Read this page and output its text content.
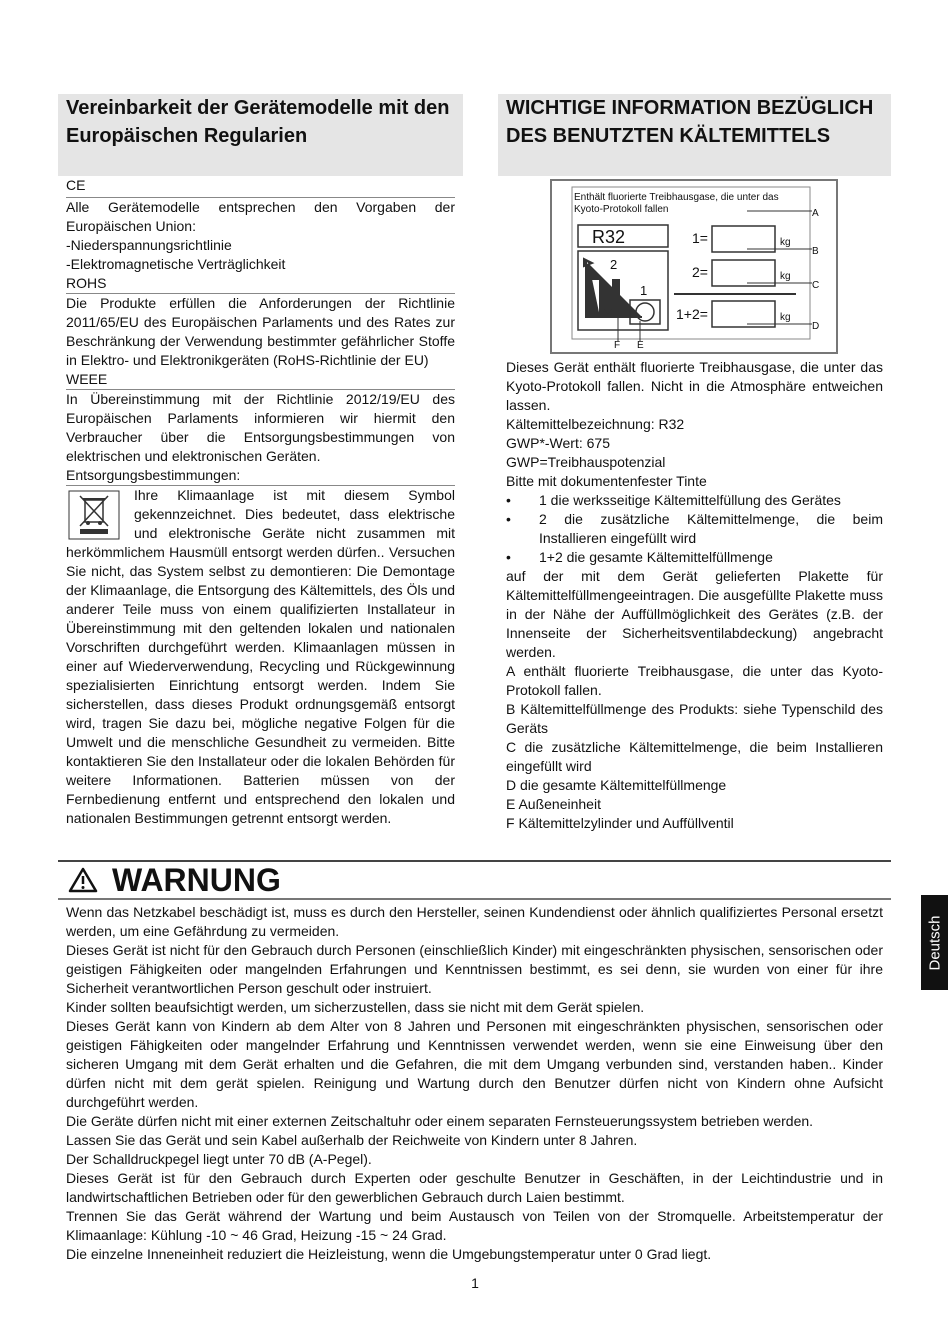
Vereinbarkeit der Gerätemodelle mit den Europäischen Regularien
CE

Alle Gerätemodelle entsprechen den Vorgaben der Europäischen Union:

-Niederspannungsrichtlinie

-Elektromagnetische Verträglichkeit

ROHS

Die Produkte erfüllen die Anforderungen der Richtlinie 2011/65/EU des Europäischen Parlaments und des Rates zur Beschränkung der Verwendung bestimmter gefährlicher Stoffe in Elektro- und Elektronikgeräten (RoHS-Richtlinie der EU)

WEEE

In Übereinstimmung mit der Richtlinie 2012/19/EU des Europäischen Parlaments informieren wir hiermit den Verbraucher über die Entsorgungsbestimmungen von elektrischen und elektronischen Geräten.

Entsorgungsbestimmungen:

Ihre Klimaanlage ist mit diesem Symbol gekennzeichnet. Dies bedeutet, dass elektrische und elektronische Geräte nicht zusammen mit herkömmlichem Hausmüll entsorgt werden dürfen.. Versuchen Sie nicht, das System selbst zu demontieren: Die Demontage der Klimaanlage, die Entsorgung des Kältemittels, des Öls und anderer Teile muss von einem qualifizierten Installateur in Übereinstimmung mit den geltenden lokalen und nationalen Vorschriften durchgeführt werden. Klimaanlagen müssen in einer auf Wiederverwendung, Recycling und Rückgewinnung spezialisierten Einrichtung entsorgt werden. Indem Sie sicherstellen, dass dieses Produkt ordnungsgemäß entsorgt wird, tragen Sie dazu bei, mögliche negative Folgen für die Umwelt und die menschliche Gesundheit zu vermeiden. Bitte kontaktieren Sie den Installateur oder die lokalen Behörden für weitere Informationen. Batterien müssen von der Fernbedienung entfernt und entsprechend den lokalen und nationalen Bestimmungen getrennt entsorgt werden.

WICHTIGE INFORMATION BEZÜGLICH DES BENUTZTEN KÄLTEMITTELS
Enthält fluorierte Treibhausgase, die unter das Kyoto-Protokoll fallen
R32
2
1
1=
2=
1+2=
kg
kg
kg
A
B
C
D
F E

Dieses Gerät enthält fluorierte Treibhausgase, die unter das Kyoto-Protokoll fallen. Nicht in die Atmosphäre entweichen lassen.

Kältemittelbezeichnung: R32

GWP*-Wert: 675

GWP=Treibhauspotenzial

Bitte mit dokumentenfester Tinte

• 1 die werksseitige Kältemittelfüllung des Gerätes
• 2 die zusätzliche Kältemittelmenge, die beim Installieren eingefüllt wird
• 1+2 die gesamte Kältemittelfüllmenge

auf der mit dem Gerät gelieferten Plakette für Kältemittelfüllmengeeintragen. Die ausgefüllte Plakette muss in der Nähe der Auffüllmöglichkeit des Gerätes (z.B. der Innenseite der Sicherheitsventilabdeckung) angebracht werden.

A enthält fluorierte Treibhausgase, die unter das Kyoto-Protokoll fallen.

B Kältemittelfüllmenge des Produkts: siehe Typenschild des Geräts

C die zusätzliche Kältemittelmenge, die beim Installieren eingefüllt wird

D die gesamte Kältemittelfüllmenge

E Außeneinheit

F Kältemittelzylinder und Auffüllventil

WARNUNG

Wenn das Netzkabel beschädigt ist, muss es durch den Hersteller, seinen Kundendienst oder ähnlich qualifiziertes Personal ersetzt werden, um eine Gefährdung zu vermeiden.

Dieses Gerät ist nicht für den Gebrauch durch Personen (einschließlich Kinder) mit eingeschränkten physischen, sensorischen oder geistigen Fähigkeiten oder mangelnden Erfahrungen und Kenntnissen bestimmt, es sei denn, sie wurden von einer für ihre Sicherheit verantwortlichen Person geschult oder instruiert.

Kinder sollten beaufsichtigt werden, um sicherzustellen, dass sie nicht mit dem Gerät spielen.

Dieses Gerät kann von Kindern ab dem Alter von 8 Jahren und Personen mit eingeschränkten physischen, sensorischen oder geistigen Fähigkeiten oder mangelnder Erfahrung und Kenntnissen verwendet werden, wenn sie eine Einweisung über den sicheren Umgang mit dem Gerät erhalten und die Gefahren, die mit dem Umgang verbunden sind, verstanden haben.. Kinder dürfen nicht mit dem gerät spielen. Reinigung und Wartung durch den Benutzer dürfen nicht von Kindern ohne Aufsicht durchgeführt werden.

Die Geräte dürfen nicht mit einer externen Zeitschaltuhr oder einem separaten Fernsteuerungssystem betrieben werden.

Lassen Sie das Gerät und sein Kabel außerhalb der Reichweite von Kindern unter 8 Jahren.

Der Schalldruckpegel liegt unter 70 dB (A-Pegel).

Dieses Gerät ist für den Gebrauch durch Experten oder geschulte Benutzer in Geschäften, in der Leichtindustrie und in landwirtschaftlichen Betrieben oder für den gewerblichen Gebrauch durch Laien bestimmt.

Trennen Sie das Gerät während der Wartung und beim Austausch von Teilen von der Stromquelle. Arbeitstemperatur der Klimaanlage: Kühlung -10 ~ 46 Grad, Heizung -15 ~ 24 Grad.

Die einzelne Inneneinheit reduziert die Heizleistung, wenn die Umgebungstemperatur unter 0 Grad liegt.

1
Deutsch
